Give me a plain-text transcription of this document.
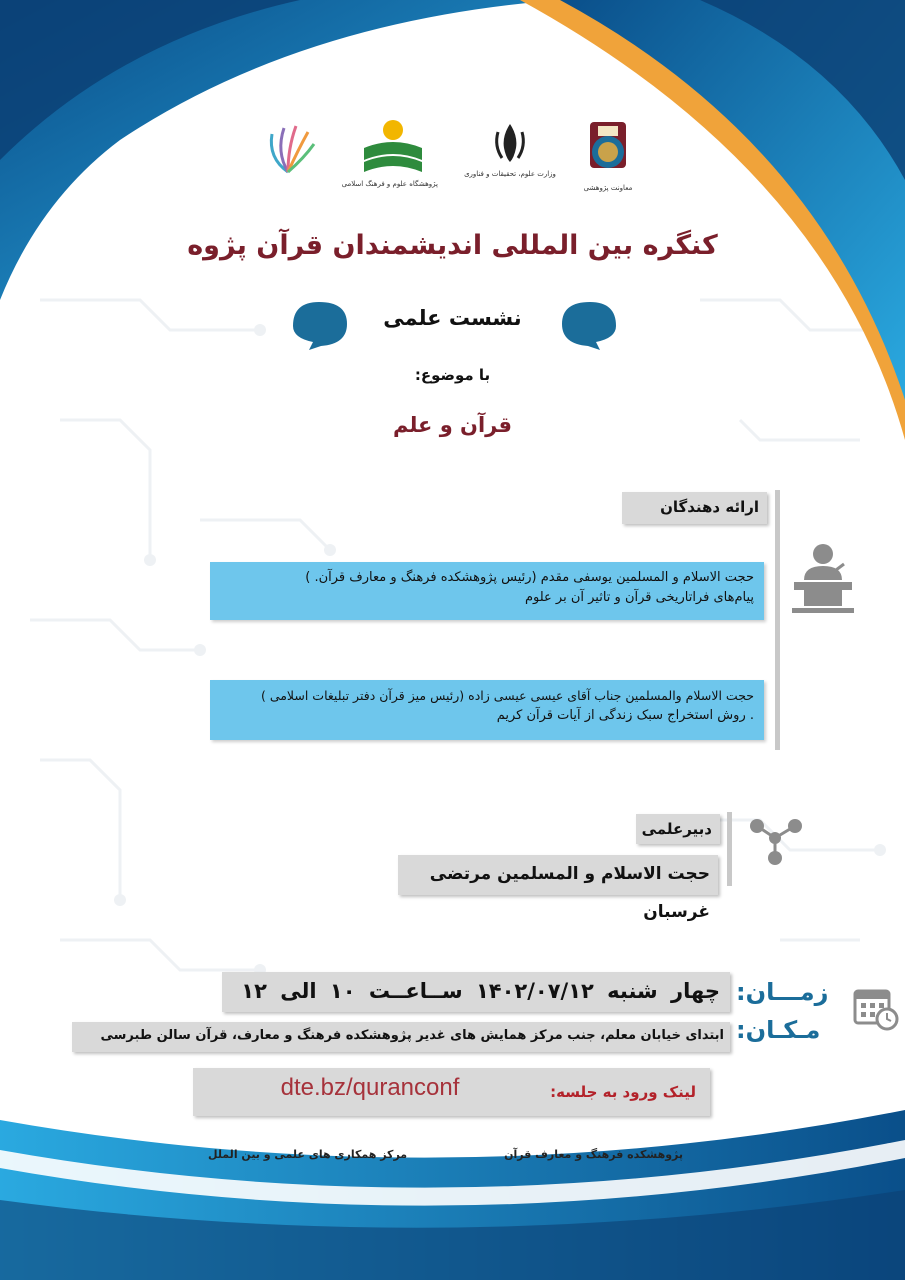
معاونت پژوهشی
وزارت علوم، تحقیقات و فناوری
پژوهشگاه علوم و فرهنگ اسلامی
کنگره بین المللی اندیشمندان قرآن پژوه
نشست علمی
با موضوع:
قرآن و علم
ارائه دهندگان
حجت الاسلام و المسلمین یوسفی مقدم (رئیس پژوهشکده فرهنگ و معارف قرآن. )
پیام‌های فراتاریخی قرآن و تاثیر آن بر علوم
حجت الاسلام والمسلمین جناب آقای عیسی عیسی زاده (رئیس میز قرآن دفتر تبلیغات اسلامی )
. روش استخراج سبک زندگی از آیات قرآن کریم
دبیرعلمی
حجت الاسلام و المسلمین مرتضی غرسبان
زمـــان:
مـکـان:
چهار شنبه ۱۴۰۲/۰۷/۱۲ ســاعــت ۱۰ الی ۱۲
ابتدای خیابان معلم، جنب مرکز همایش های غدیر پژوهشکده فرهنگ و معارف، قرآن سالن طبرسی
لینک ورود به جلسه:
dte.bz/quranconf
پژوهشکده فرهنگ و معارف قرآن
مرکز همکاری های علمی و بین الملل
